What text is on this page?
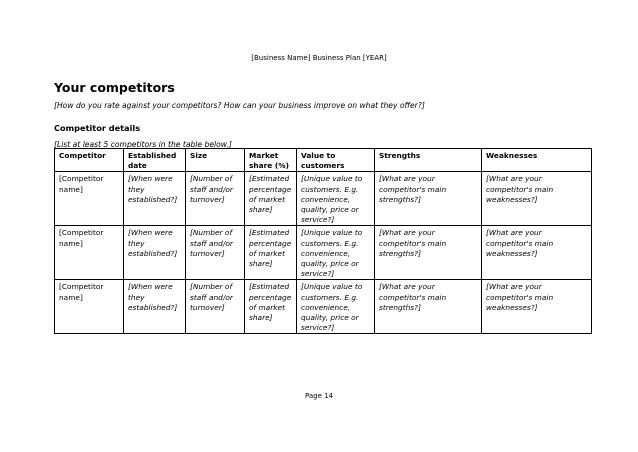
[Business Name] Business Plan [YEAR]
Your competitors
[How do you rate against your competitors? How can your business improve on what they offer?]
Competitor details
[List at least 5 competitors in the table below.]
Competitor	Established date	Size	Market share (%)	Value to customers	Strengths	Weaknesses
[Competitor name]	[When were they established?]	[Number of staff and/or turnover]	[Estimated percentage of market share]	[Unique value to customers. E.g. convenience, quality, price or service?]	[What are your competitor's main strengths?]	[What are your competitor's main weaknesses?]
[Competitor name]	[When were they established?]	[Number of staff and/or turnover]	[Estimated percentage of market share]	[Unique value to customers. E.g. convenience, quality, price or service?]	[What are your competitor's main strengths?]	[What are your competitor's main weaknesses?]
[Competitor name]	[When were they established?]	[Number of staff and/or turnover]	[Estimated percentage of market share]	[Unique value to customers. E.g. convenience, quality, price or service?]	[What are your competitor's main strengths?]	[What are your competitor's main weaknesses?]
Page 14
